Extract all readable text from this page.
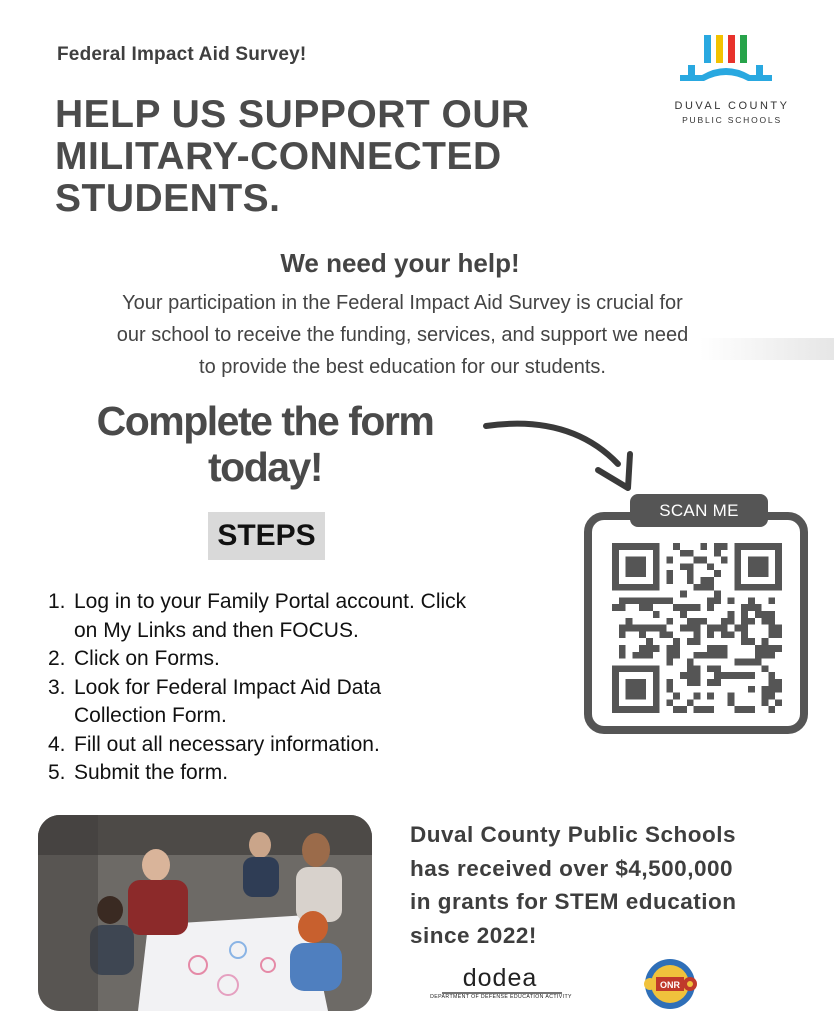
Federal Impact Aid Survey!
HELP US SUPPORT OUR
MILITARY-CONNECTED
STUDENTS.
DUVAL COUNTY
PUBLIC SCHOOLS
We need your help!
Your participation in the Federal Impact Aid Survey is crucial for
our school to receive the funding, services, and support we need
to provide the best education for our students.
Complete the form
today!
STEPS
1. Log in to your Family Portal account. Click
on My Links and then FOCUS.
2. Click on Forms.
3. Look for Federal Impact Aid Data
Collection Form.
4. Fill out all necessary information.
5. Submit the form.
SCAN ME
Duval County Public Schools
has received over $4,500,000
in grants for STEM education
since 2022!
dodea
DEPARTMENT OF DEFENSE EDUCATION ACTIVITY
ONR
